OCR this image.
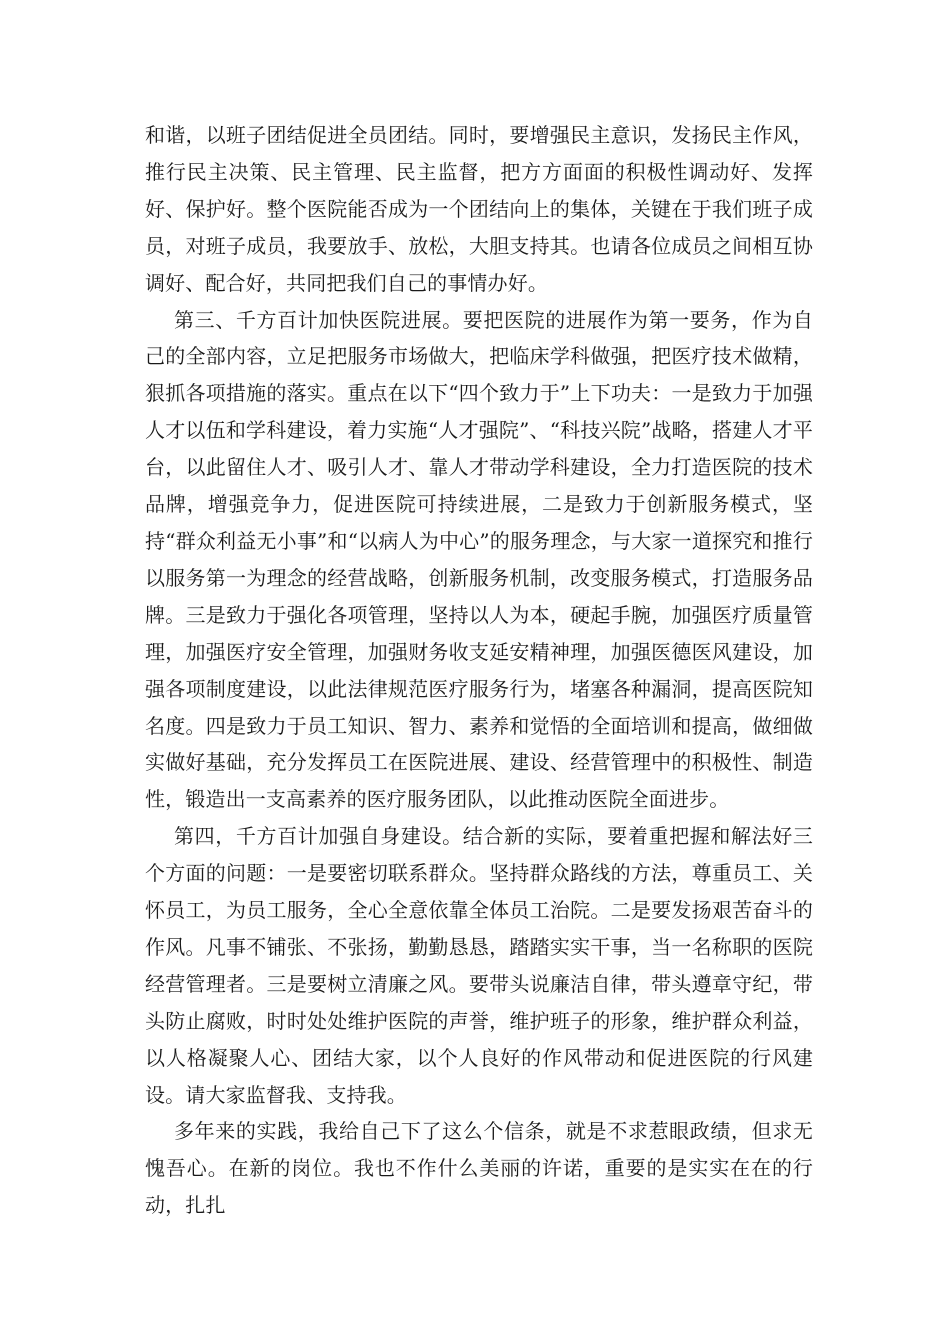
和谐，以班子团结促进全员团结。同时，要增强民主意识，发扬民主作风，推行民主决策、民主管理、民主监督，把方方面面的积极性调动好、发挥好、保护好。整个医院能否成为一个团结向上的集体，关键在于我们班子成员，对班子成员，我要放手、放松，大胆支持其。也请各位成员之间相互协调好、配合好，共同把我们自己的事情办好。

第三、千方百计加快医院进展。要把医院的进展作为第一要务，作为自己的全部内容，立足把服务市场做大，把临床学科做强，把医疗技术做精，狠抓各项措施的落实。重点在以下“四个致力于”上下功夫：一是致力于加强人才以伍和学科建设，着力实施“人才强院”、“科技兴院”战略，搭建人才平台，以此留住人才、吸引人才、靠人才带动学科建设，全力打造医院的技术品牌，增强竞争力，促进医院可持续进展，二是致力于创新服务模式，坚持“群众利益无小事”和“以病人为中心”的服务理念，与大家一道探究和推行以服务第一为理念的经营战略，创新服务机制，改变服务模式，打造服务品牌。三是致力于强化各项管理，坚持以人为本，硬起手腕，加强医疗质量管理，加强医疗安全管理，加强财务收支延安精神理，加强医德医风建设，加强各项制度建设，以此法律规范医疗服务行为，堵塞各种漏洞，提高医院知名度。四是致力于员工知识、智力、素养和觉悟的全面培训和提高，做细做实做好基础，充分发挥员工在医院进展、建设、经营管理中的积极性、制造性，锻造出一支高素养的医疗服务团队，以此推动医院全面进步。

第四，千方百计加强自身建设。结合新的实际，要着重把握和解法好三个方面的问题：一是要密切联系群众。坚持群众路线的方法，尊重员工、关怀员工，为员工服务，全心全意依靠全体员工治院。二是要发扬艰苦奋斗的作风。凡事不铺张、不张扬，勤勤恳恳，踏踏实实干事，当一名称职的医院经营管理者。三是要树立清廉之风。要带头说廉洁自律，带头遵章守纪，带头防止腐败，时时处处维护医院的声誉，维护班子的形象，维护群众利益，以人格凝聚人心、团结大家，以个人良好的作风带动和促进医院的行风建设。请大家监督我、支持我。

多年来的实践，我给自己下了这么个信条，就是不求惹眼政绩，但求无愧吾心。在新的岗位。我也不作什么美丽的许诺，重要的是实实在在的行动，扎扎
